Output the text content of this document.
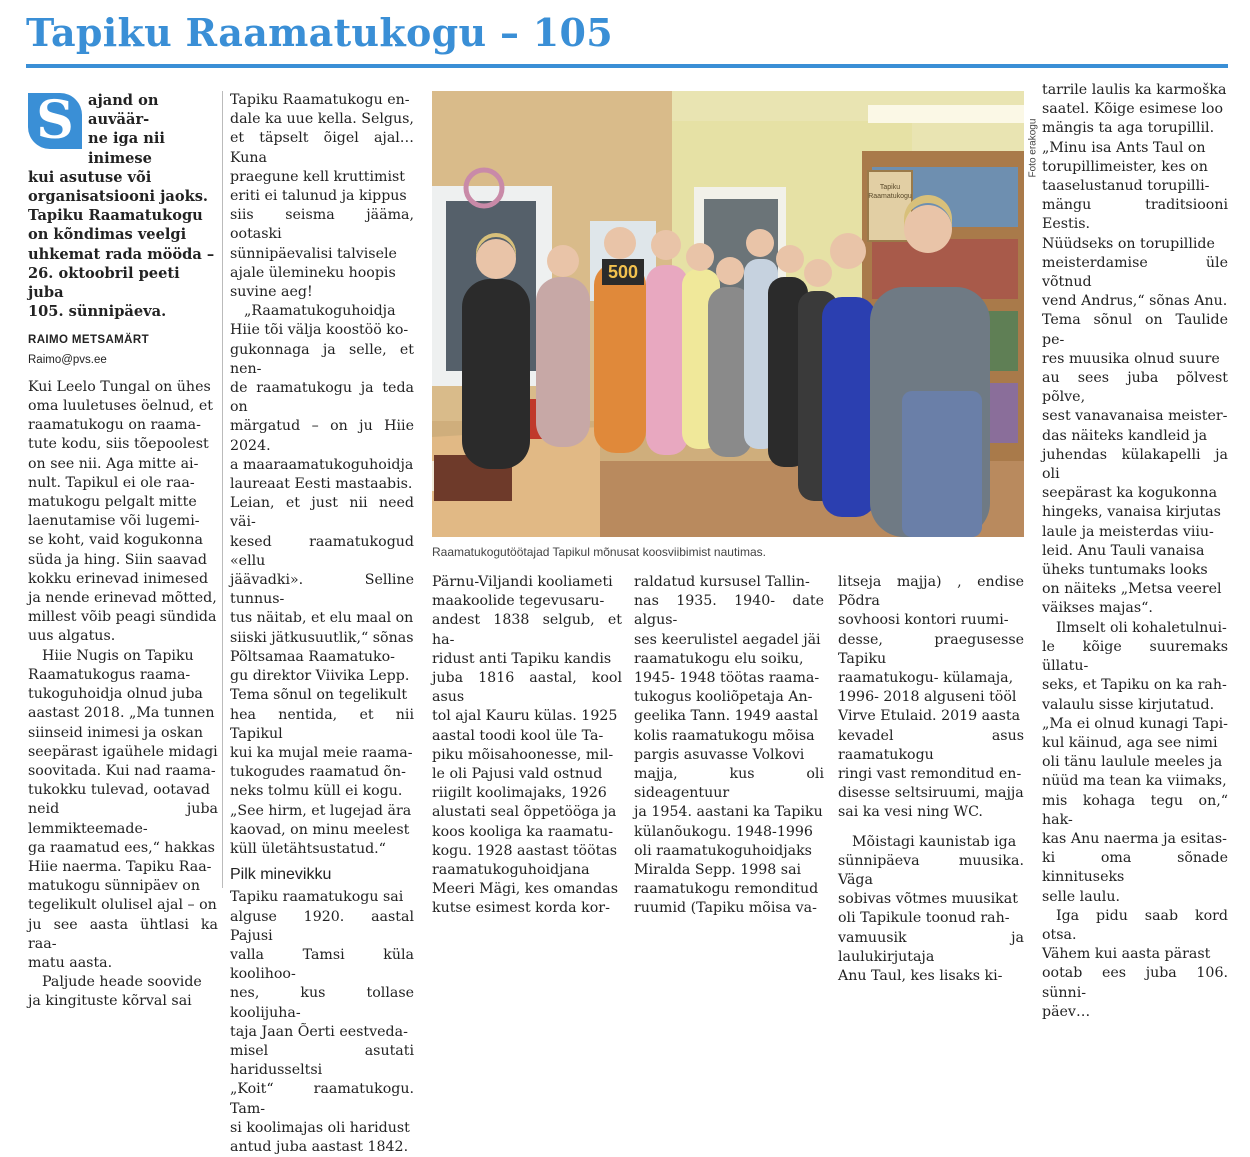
Tapiku Raamatukogu – 105
S ajand on auväär-
ne iga nii inimese
kui asutuse või
organisatsiooni jaoks.
Tapiku Raamatukogu
on kõndimas veelgi
uhkemat rada mööda –
26. oktoobril peeti juba
105. sünnipäeva.

RAIMO METSAMÄRT

Raimo@pvs.ee

Kui Leelo Tungal on ühes
oma luuletuses öelnud, et
raamatukogu on raama-
tute kodu, siis tõepoolest
on see nii. Aga mitte ai-
nult. Tapikul ei ole raa-
matukogu pelgalt mitte
laenutamise või lugemi-
se koht, vaid kogukonna
süda ja hing. Siin saavad
kokku erinevad inimesed
ja nende erinevad mõtted,
millest võib peagi sündida
uus algatus.

Hiie Nugis on Tapiku
Raamatukogus raama-
tukoguhoidja olnud juba
aastast 2018. „Ma tunnen
siinseid inimesi ja oskan
seepärast igaühele midagi
soovitada. Kui nad raama-
tukokku tulevad, ootavad
neid juba lemmikteemade-
ga raamatud ees,“ hakkas
Hiie naerma. Tapiku Raa-
matukogu sünnipäev on
tegelikult olulisel ajal – on
ju see aasta ühtlasi ka raa-
matu aasta.

Paljude heade soovide
ja kingituste kõrval sai

Tapiku Raamatukogu en-
dale ka uue kella. Selgus,
et täpselt õigel ajal… Kuna
praegune kell kruttimist
eriti ei talunud ja kippus
siis seisma jääma, ootaski
sünnipäevalisi talvisele
ajale ülemineku hoopis
suvine aeg!

„Raamatukoguhoidja
Hiie tõi välja koostöö ko-
gukonnaga ja selle, et nen-
de raamatukogu ja teda on
märgatud – on ju Hiie 2024.
a maaraamatukoguhoidja
laureaat Eesti mastaabis.
Leian, et just nii need väi-
kesed raamatukogud «ellu
jäävadki». Selline tunnus-
tus näitab, et elu maal on
siiski jätkusuutlik,“ sõnas
Põltsamaa Raamatuko-
gu direktor Viivika Lepp.
Tema sõnul on tegelikult
hea nentida, et nii Tapikul
kui ka mujal meie raama-
tukogudes raamatud õn-
neks tolmu küll ei kogu.
„See hirm, et lugejad ära
kaovad, on minu meelest
küll ületähtsustatud.“

Pilk minevikku

Tapiku raamatukogu sai
alguse 1920. aastal Pajusi
valla Tamsi küla koolihoo-
nes, kus tollase koolijuha-
taja Jaan Õerti eestveda-
misel asutati haridusseltsi
„Koit“ raamatukogu. Tam-
si koolimajas oli haridust
antud juba aastast 1842.

500
Tapiku
Raamatukogu
Foto erakogu
Raamatukogutöötajad Tapikul mõnusat koosviibimist nautimas.

Pärnu-Viljandi kooliameti
maakoolide tegevusaru-
andest 1838 selgub, et ha-
ridust anti Tapiku kandis
juba 1816 aastal, kool asus
tol ajal Kauru külas. 1925
aastal toodi kool üle Ta-
piku mõisahoonesse, mil-
le oli Pajusi vald ostnud
riigilt koolimajaks, 1926
alustati seal õppetööga ja
koos kooliga ka raamatu-
kogu. 1928 aastast töötas
raamatukoguhoidjana
Meeri Mägi, kes omandas
kutse esimest korda kor-

raldatud kursusel Tallin-
nas 1935. 1940- date algus-
ses keerulistel aegadel jäi
raamatukogu elu soiku,
1945- 1948 töötas raama-
tukogus kooliõpetaja An-
geelika Tann. 1949 aastal
kolis raamatukogu mõisa
pargis asuvasse Volkovi
majja, kus oli sideagentuur
ja 1954. aastani ka Tapiku
külanõukogu. 1948-1996
oli raamatukoguhoidjaks
Miralda Sepp. 1998 sai
raamatukogu remonditud
ruumid (Tapiku mõisa va-

litseja majja) , endise Põdra
sovhoosi kontori ruumi-
desse, praegusesse Tapiku
raamatukogu- külamaja,
1996- 2018 alguseni tööl
Virve Etulaid. 2019 aasta
kevadel asus raamatukogu
ringi vast remonditud en-
disesse seltsiruumi, majja
sai ka vesi ning WC.

Mõistagi kaunistab iga
sünnipäeva muusika. Väga
sobivas võtmes muusikat
oli Tapikule toonud rah-
vamuusik ja laulukirjutaja
Anu Taul, kes lisaks ki-

tarrile laulis ka karmoška
saatel. Kõige esimese loo
mängis ta aga torupillil.
„Minu isa Ants Taul on
torupillimeister, kes on
taaselustanud torupilli-
mängu traditsiooni Eestis.
Nüüdseks on torupillide
meisterdamise üle võtnud
vend Andrus,“ sõnas Anu.
Tema sõnul on Taulide pe-
res muusika olnud suure
au sees juba põlvest põlve,
sest vanavanaisa meister-
das näiteks kandleid ja
juhendas külakapelli ja oli
seepärast ka kogukonna
hingeks, vanaisa kirjutas
laule ja meisterdas viiu-
leid. Anu Tauli vanaisa
üheks tuntumaks looks
on näiteks „Metsa veerel
väikses majas“.

Ilmselt oli kohaletulnui-
le kõige suuremaks üllatu-
seks, et Tapiku on ka rah-
valaulu sisse kirjutatud.
„Ma ei olnud kunagi Tapi-
kul käinud, aga see nimi
oli tänu laulule meeles ja
nüüd ma tean ka viimaks,
mis kohaga tegu on,“ hak-
kas Anu naerma ja esitas-
ki oma sõnade kinnituseks
selle laulu.

Iga pidu saab kord otsa.
Vähem kui aasta pärast
ootab ees juba 106. sünni-
päev…
